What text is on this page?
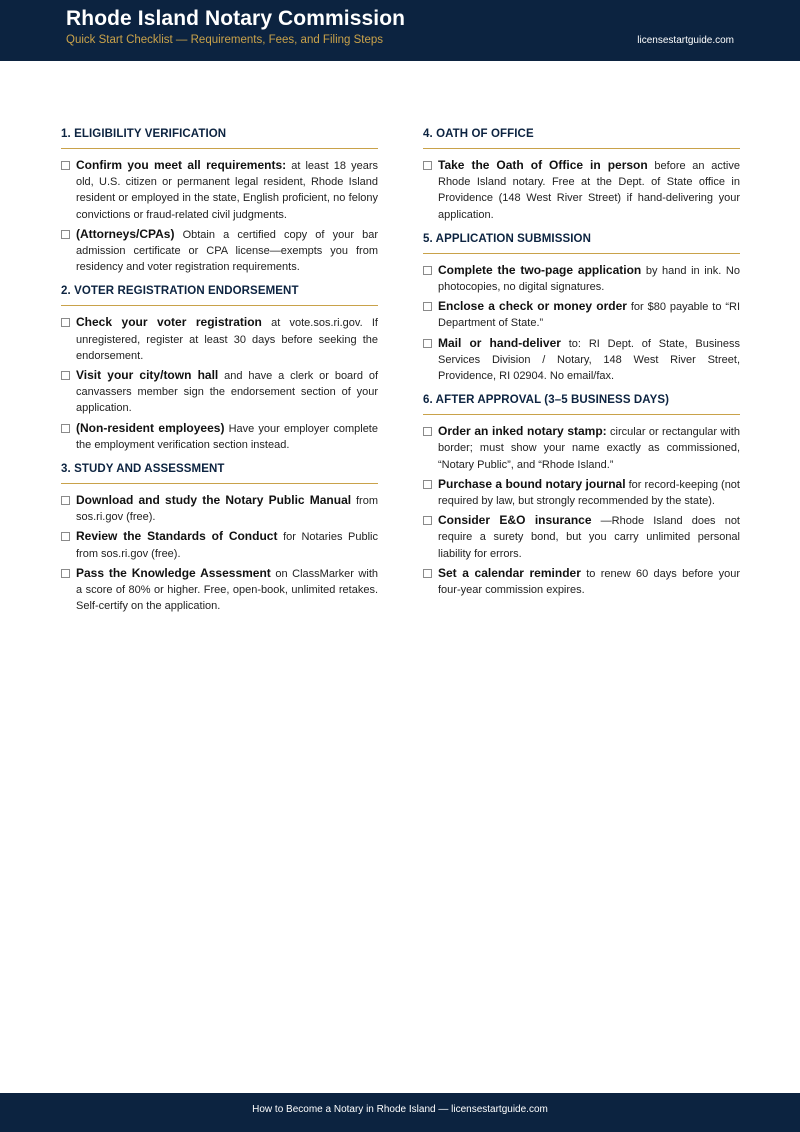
Rhode Island Notary Commission
Quick Start Checklist — Requirements, Fees, and Filing Steps	licensestartguide.com
1. ELIGIBILITY VERIFICATION
Confirm you meet all requirements: at least 18 years old, U.S. citizen or permanent legal resident, Rhode Island resident or employed in the state, English proficient, no felony convictions or fraud-related civil judgments.
(Attorneys/CPAs) Obtain a certified copy of your bar admission certificate or CPA license—exempts you from residency and voter registration requirements.
2. VOTER REGISTRATION ENDORSEMENT
Check your voter registration at vote.sos.ri.gov. If unregistered, register at least 30 days before seeking the endorsement.
Visit your city/town hall and have a clerk or board of canvassers member sign the endorsement section of your application.
(Non-resident employees) Have your employer complete the employment verification section instead.
3. STUDY AND ASSESSMENT
Download and study the Notary Public Manual from sos.ri.gov (free).
Review the Standards of Conduct for Notaries Public from sos.ri.gov (free).
Pass the Knowledge Assessment on ClassMarker with a score of 80% or higher. Free, open-book, unlimited retakes. Self-certify on the application.
4. OATH OF OFFICE
Take the Oath of Office in person before an active Rhode Island notary. Free at the Dept. of State office in Providence (148 West River Street) if hand-delivering your application.
5. APPLICATION SUBMISSION
Complete the two-page application by hand in ink. No photocopies, no digital signatures.
Enclose a check or money order for $80 payable to “RI Department of State.”
Mail or hand-deliver to: RI Dept. of State, Business Services Division / Notary, 148 West River Street, Providence, RI 02904. No email/fax.
6. AFTER APPROVAL (3–5 BUSINESS DAYS)
Order an inked notary stamp: circular or rectangular with border; must show your name exactly as commissioned, “Notary Public”, and “Rhode Island.”
Purchase a bound notary journal for record-keeping (not required by law, but strongly recommended by the state).
Consider E&O insurance —Rhode Island does not require a surety bond, but you carry unlimited personal liability for errors.
Set a calendar reminder to renew 60 days before your four-year commission expires.
How to Become a Notary in Rhode Island — licensestartguide.com
